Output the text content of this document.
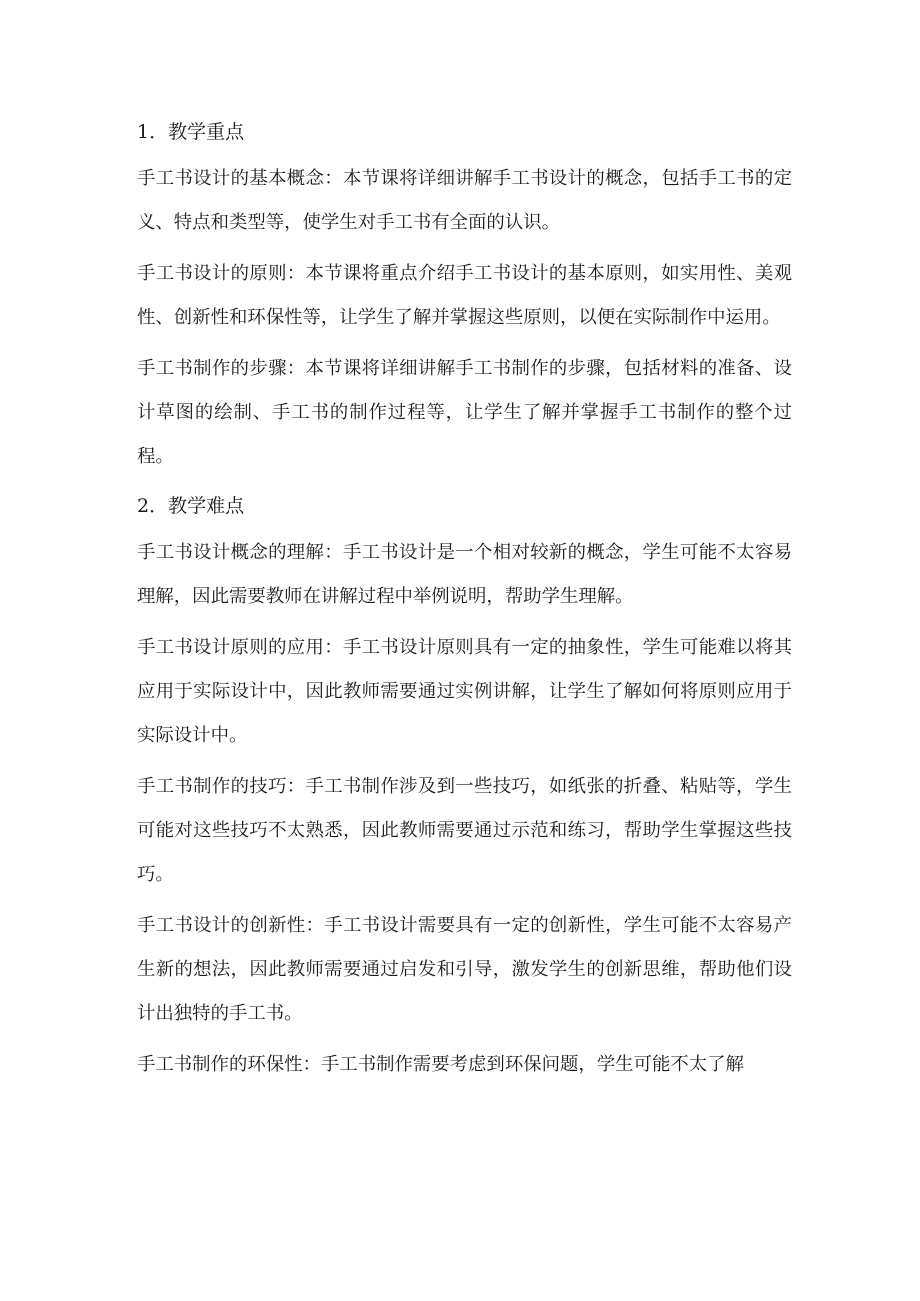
1．教学重点

手工书设计的基本概念：本节课将详细讲解手工书设计的概念，包括手工书的定义、特点和类型等，使学生对手工书有全面的认识。

手工书设计的原则：本节课将重点介绍手工书设计的基本原则，如实用性、美观性、创新性和环保性等，让学生了解并掌握这些原则，以便在实际制作中运用。

手工书制作的步骤：本节课将详细讲解手工书制作的步骤，包括材料的准备、设计草图的绘制、手工书的制作过程等，让学生了解并掌握手工书制作的整个过程。

2．教学难点

手工书设计概念的理解：手工书设计是一个相对较新的概念，学生可能不太容易理解，因此需要教师在讲解过程中举例说明，帮助学生理解。

手工书设计原则的应用：手工书设计原则具有一定的抽象性，学生可能难以将其应用于实际设计中，因此教师需要通过实例讲解，让学生了解如何将原则应用于实际设计中。

手工书制作的技巧：手工书制作涉及到一些技巧，如纸张的折叠、粘贴等，学生可能对这些技巧不太熟悉，因此教师需要通过示范和练习，帮助学生掌握这些技巧。

手工书设计的创新性：手工书设计需要具有一定的创新性，学生可能不太容易产生新的想法，因此教师需要通过启发和引导，激发学生的创新思维，帮助他们设计出独特的手工书。

手工书制作的环保性：手工书制作需要考虑到环保问题，学生可能不太了解
